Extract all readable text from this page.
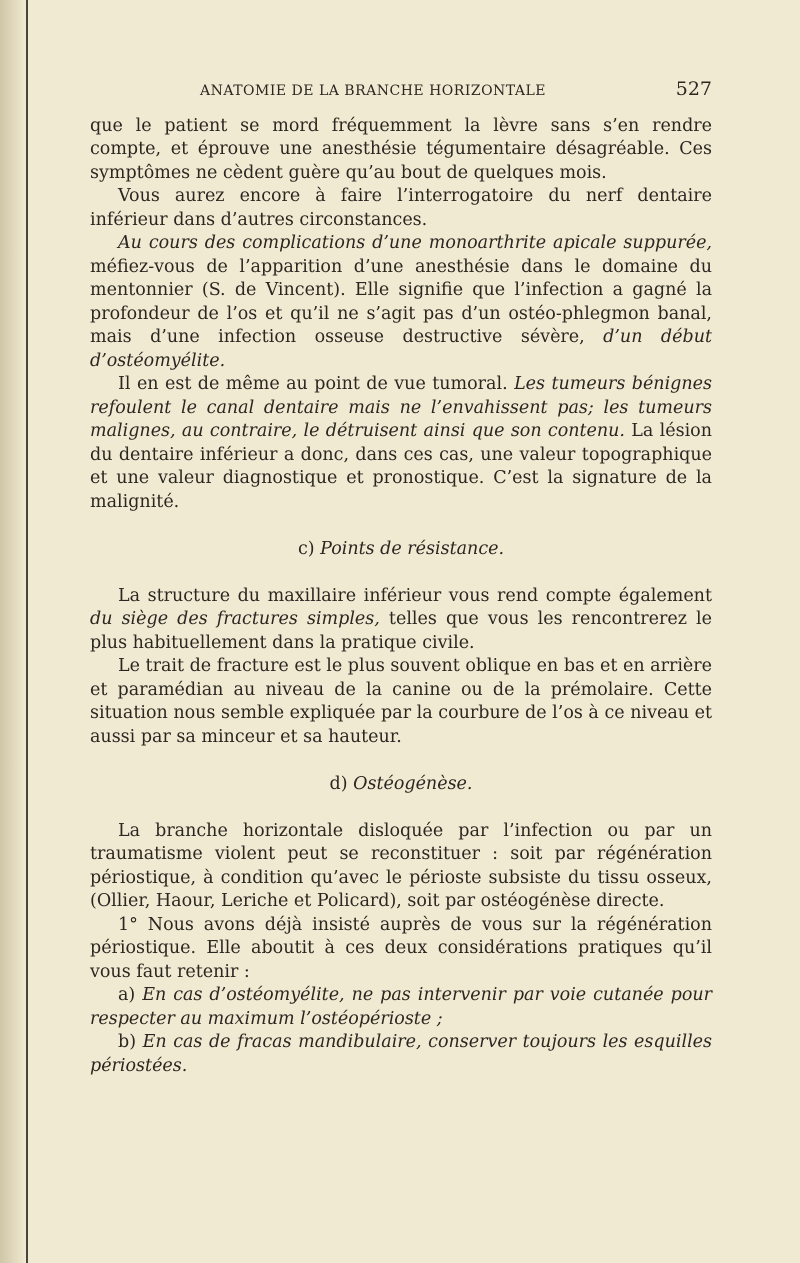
ANATOMIE DE LA BRANCHE HORIZONTALE	527

que le patient se mord fréquemment la lèvre sans s’en rendre compte, et éprouve une anesthésie tégumentaire désagréable. Ces symptômes ne cèdent guère qu’au bout de quelques mois.

Vous aurez encore à faire l’interrogatoire du nerf dentaire inférieur dans d’autres circonstances.

Au cours des complications d’une monoarthrite apicale suppurée, méfiez-vous de l’apparition d’une anesthésie dans le domaine du mentonnier (S. de Vincent). Elle signifie que l’infection a gagné la profondeur de l’os et qu’il ne s’agit pas d’un ostéo-phlegmon banal, mais d’une infection osseuse destructive sévère, d’un début d’ostéomyélite.

Il en est de même au point de vue tumoral. Les tumeurs bénignes refoulent le canal dentaire mais ne l’envahissent pas; les tumeurs malignes, au contraire, le détruisent ainsi que son contenu. La lésion du dentaire inférieur a donc, dans ces cas, une valeur topographique et une valeur diagnostique et pronostique. C’est la signature de la malignité.

c) Points de résistance.

La structure du maxillaire inférieur vous rend compte également du siège des fractures simples, telles que vous les rencontrerez le plus habituellement dans la pratique civile.

Le trait de fracture est le plus souvent oblique en bas et en arrière et paramédian au niveau de la canine ou de la prémolaire. Cette situation nous semble expliquée par la courbure de l’os à ce niveau et aussi par sa minceur et sa hauteur.

d) Ostéogénèse.

La branche horizontale disloquée par l’infection ou par un traumatisme violent peut se reconstituer : soit par régénération périostique, à condition qu’avec le périoste subsiste du tissu osseux, (Ollier, Haour, Leriche et Policard), soit par ostéogénèse directe.

1° Nous avons déjà insisté auprès de vous sur la régénération périostique. Elle aboutit à ces deux considérations pratiques qu’il vous faut retenir :

a) En cas d’ostéomyélite, ne pas intervenir par voie cutanée pour respecter au maximum l’ostéopérioste ;

b) En cas de fracas mandibulaire, conserver toujours les esquilles périostées.
